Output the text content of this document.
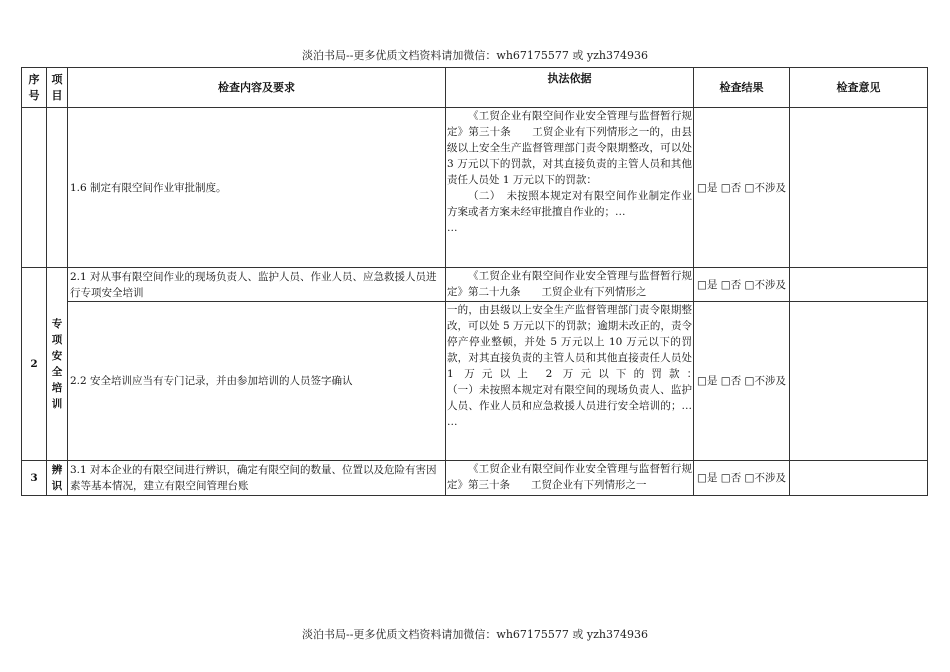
淡泊书局--更多优质文档资料请加微信：wh67175577 或 yzh374936
序号	项目	检查内容及要求	执法依据	检查结果	检查意见
		1.6 制定有限空间作业审批制度。	《工贸企业有限空间作业安全管理与监督暂行规定》第三十条　　工贸企业有下列情形之一的，由县级以上安全生产监督管理部门责令限期整改，可以处 3 万元以下的罚款，对其直接负责的主管人员和其他责任人员处 1 万元以下的罚款：
（二）　未按照本规定对有限空间作业制定作业方案或者方案未经审批擅自作业的；…
…	□是 □否 □不涉及	
2	专项安全培训	2.1 对从事有限空间作业的现场负责人、监护人员、作业人员、应急救援人员进行专项安全培训	《工贸企业有限空间作业安全管理与监督暂行规定》第二十九条　　工贸企业有下列情形之	□是 □否 □不涉及	
		2.2 安全培训应当有专门记录，并由参加培训的人员签字确认	一的，由县级以上安全生产监督管理部门责令限期整改，可以处 5 万元以下的罚款；逾期未改正的，责令停产停业整顿，并处 5 万元以上 10 万元以下的罚款，对其直接负责的主管人员和其他直接责任人员处 1 万元以上 2 万元以下的罚款：　　　　　　　　　（一）未按照本规定对有限空间的现场负责人、监护人员、作业人员和应急救援人员进行安全培训的；… …	□是 □否 □不涉及	
3	辨识	3.1 对本企业的有限空间进行辨识，确定有限空间的数量、位置以及危险有害因素等基本情况，建立有限空间管理台账	《工贸企业有限空间作业安全管理与监督暂行规定》第三十条　　工贸企业有下列情形之一	□是 □否 □不涉及	
淡泊书局--更多优质文档资料请加微信：wh67175577 或 yzh374936
